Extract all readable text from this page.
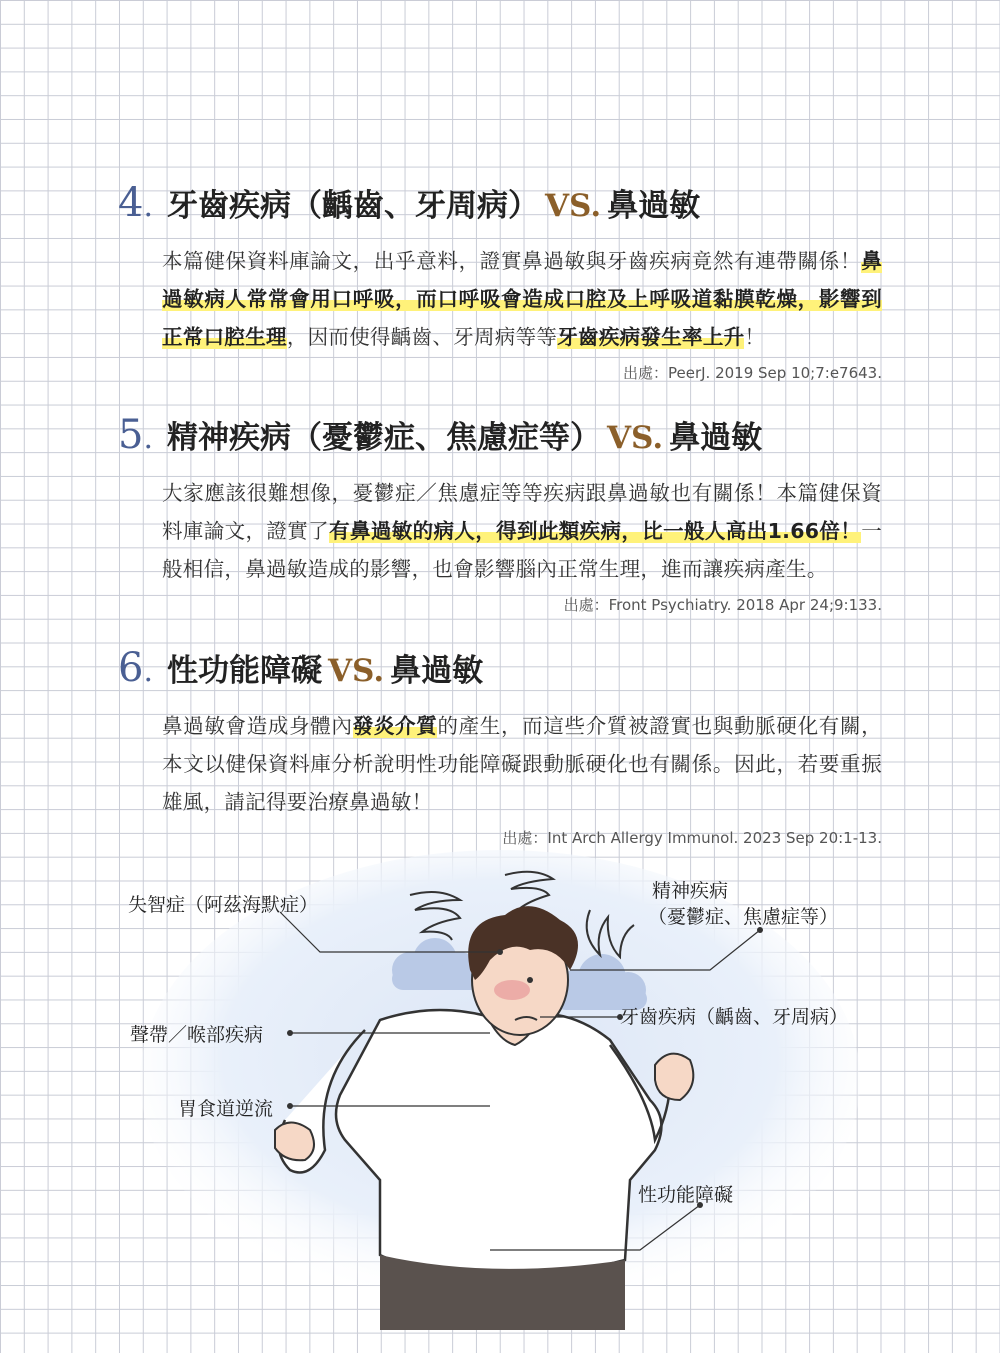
4. 牙齒疾病（齲齒、牙周病） VS. 鼻過敏
本篇健保資料庫論文，出乎意料，證實鼻過敏與牙齒疾病竟然有連帶關係！鼻過敏病人常常會用口呼吸，而口呼吸會造成口腔及上呼吸道黏膜乾燥，影響到正常口腔生理，因而使得齲齒、牙周病等等牙齒疾病發生率上升！
出處：PeerJ. 2019 Sep 10;7:e7643.
5. 精神疾病（憂鬱症、焦慮症等） VS. 鼻過敏
大家應該很難想像，憂鬱症／焦慮症等等疾病跟鼻過敏也有關係！本篇健保資料庫論文，證實了有鼻過敏的病人，得到此類疾病，比一般人高出1.66倍！一般相信，鼻過敏造成的影響，也會影響腦內正常生理，進而讓疾病產生。
出處：Front Psychiatry. 2018 Apr 24;9:133.
6. 性功能障礙 VS. 鼻過敏
鼻過敏會造成身體內發炎介質的產生，而這些介質被證實也與動脈硬化有關，本文以健保資料庫分析說明性功能障礙跟動脈硬化也有關係。因此，若要重振雄風，請記得要治療鼻過敏！
出處：Int Arch Allergy Immunol. 2023 Sep 20:1-13.
失智症（阿茲海默症）
精神疾病
（憂鬱症、焦慮症等）
牙齒疾病（齲齒、牙周病）
聲帶／喉部疾病
胃食道逆流
性功能障礙
